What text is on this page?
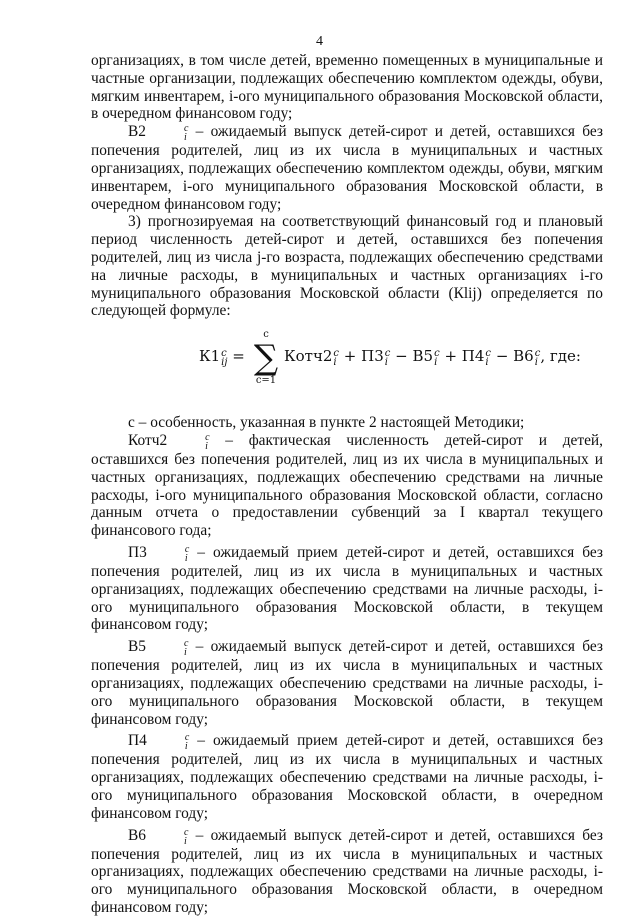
4

организациях, в том числе детей, временно помещенных в муниципальные и частные организации, подлежащих обеспечению комплектом одежды, обуви, мягким инвентарем, i-ого муниципального образования Московской области, в очередном финансовом году;

В2	c
i – ожидаемый выпуск детей-сирот и детей, оставшихся без попечения родителей, лиц из их числа в муниципальных и частных организациях, подлежащих обеспечению комплектом одежды, обуви, мягким инвентарем, i-ого муниципального образования Московской области, в очередном финансовом году;

3) прогнозируемая на соответствующий финансовый год и плановый период численность детей-сирот и детей, оставшихся без попечения родителей, лиц из числа j-го возраста, подлежащих обеспечению средствами на личные расходы, в муниципальных и частных организациях i-го муниципального образования Московской области (Кlij) определяется по следующей формуле:

К1 c
ij =
c
∑
c=1
Котч2 c
i + П3 c
i − В5 c
i + П4 c
i − В6 c
i , где:

с – особенность, указанная в пункте 2 настоящей Методики;

Котч2	c
i – фактическая численность детей-сирот и детей, оставшихся без попечения родителей, лиц из их числа в муниципальных и частных организациях, подлежащих обеспечению средствами на личные расходы, i-ого муниципального образования Московской области, согласно данным отчета о предоставлении субвенций за I квартал текущего финансового года;

П3	c
i – ожидаемый прием детей-сирот и детей, оставшихся без попечения родителей, лиц из их числа в муниципальных и частных организациях, подлежащих обеспечению средствами на личные расходы, i-ого муниципального образования Московской области, в текущем финансовом году;

В5	c
i – ожидаемый выпуск детей-сирот и детей, оставшихся без попечения родителей, лиц из их числа в муниципальных и частных организациях, подлежащих обеспечению средствами на личные расходы, i-ого муниципального образования Московской области, в текущем финансовом году;

П4	c
i – ожидаемый прием детей-сирот и детей, оставшихся без попечения родителей, лиц из их числа в муниципальных и частных организациях, подлежащих обеспечению средствами на личные расходы, i-ого муниципального образования Московской области, в очередном финансовом году;

В6	c
i – ожидаемый выпуск детей-сирот и детей, оставшихся без попечения родителей, лиц из их числа в муниципальных и частных организациях, подлежащих обеспечению средствами на личные расходы, i-ого муниципального образования Московской области, в очередном финансовом году;
